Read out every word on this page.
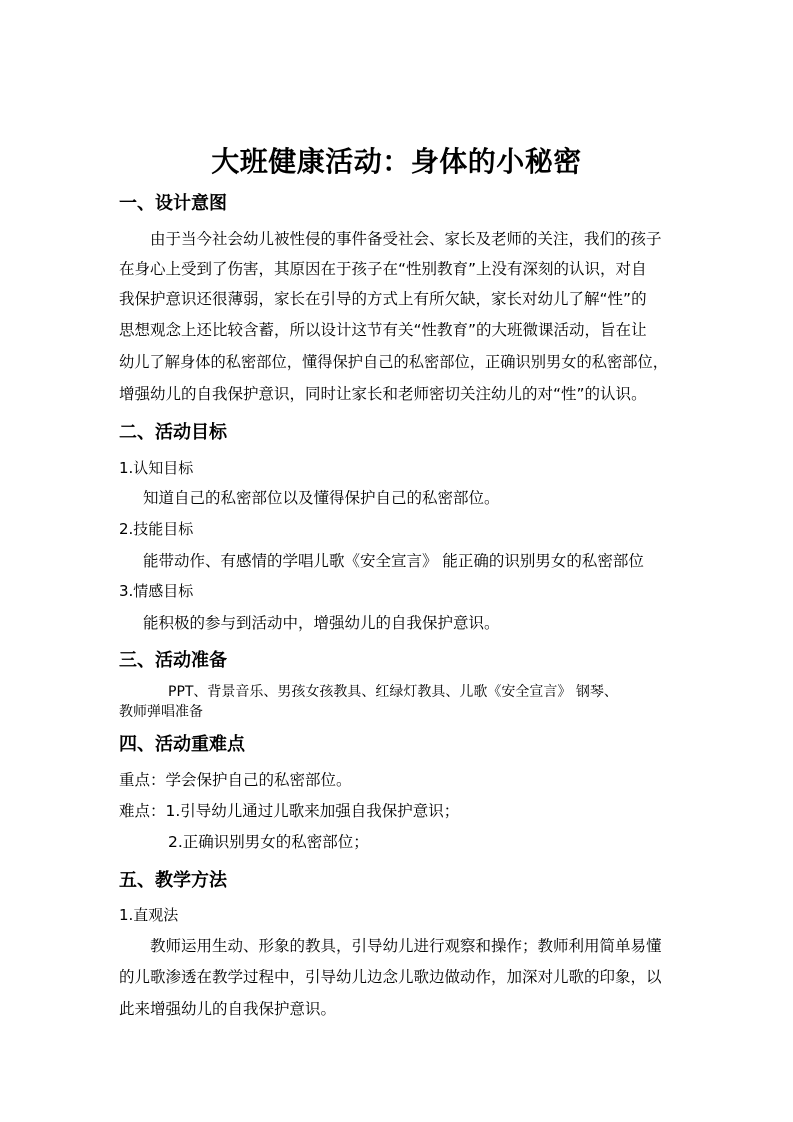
大班健康活动：身体的小秘密
一、设计意图
由于当今社会幼儿被性侵的事件备受社会、家长及老师的关注，我们的孩子
在身心上受到了伤害，其原因在于孩子在“性别教育”上没有深刻的认识，对自
我保护意识还很薄弱，家长在引导的方式上有所欠缺，家长对幼儿了解“性”的
思想观念上还比较含蓄，所以设计这节有关“性教育”的大班微课活动，旨在让
幼儿了解身体的私密部位，懂得保护自己的私密部位，正确识别男女的私密部位，
增强幼儿的自我保护意识，同时让家长和老师密切关注幼儿的对“性”的认识。
二、活动目标
1.认知目标
知道自己的私密部位以及懂得保护自己的私密部位。
2.技能目标
能带动作、有感情的学唱儿歌《安全宣言》 能正确的识别男女的私密部位
3.情感目标
能积极的参与到活动中，增强幼儿的自我保护意识。
三、活动准备
PPT、背景音乐、男孩女孩教具、红绿灯教具、儿歌《安全宣言》 钢琴、
教师弹唱准备
四、活动重难点
重点：学会保护自己的私密部位。
难点：1.引导幼儿通过儿歌来加强自我保护意识；
2.正确识别男女的私密部位；
五、教学方法
1.直观法
教师运用生动、形象的教具，引导幼儿进行观察和操作；教师利用简单易懂
的儿歌渗透在教学过程中，引导幼儿边念儿歌边做动作，加深对儿歌的印象，以
此来增强幼儿的自我保护意识。
